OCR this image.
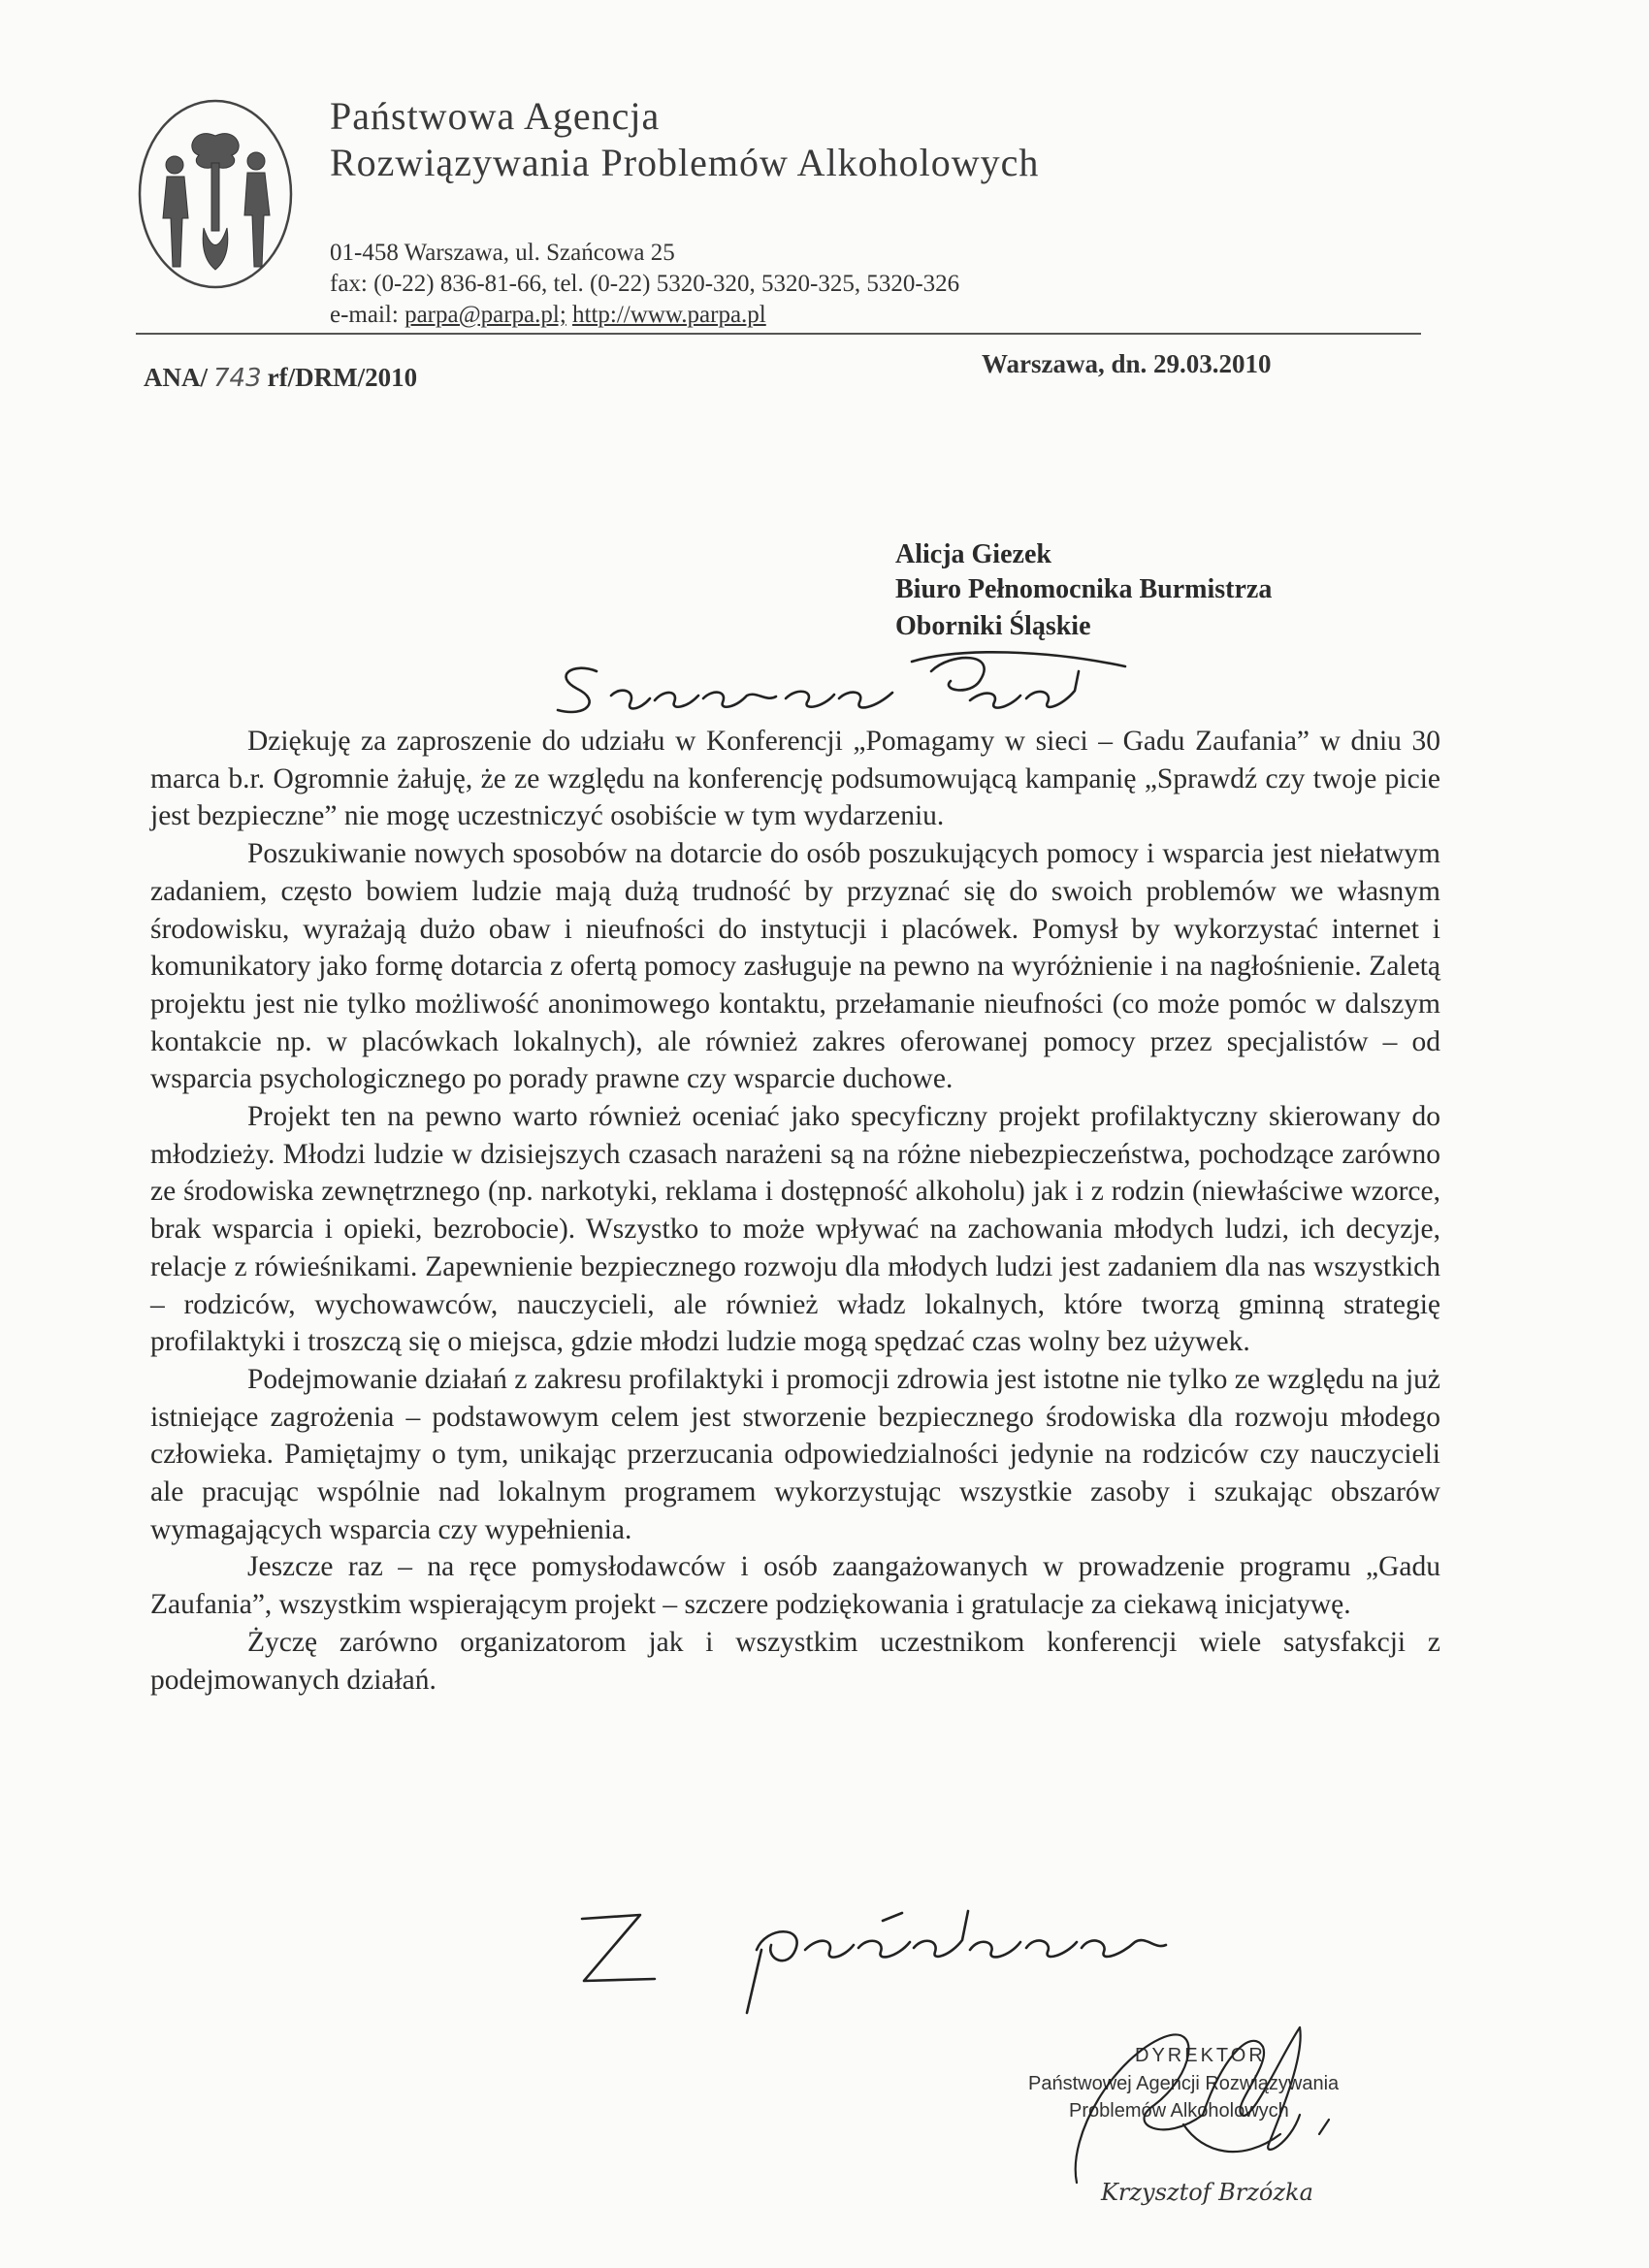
Państwowa Agencja
Rozwiązywania Problemów Alkoholowych
01-458 Warszawa, ul. Szańcowa 25
fax: (0-22) 836-81-66, tel. (0-22) 5320-320, 5320-325, 5320-326
e-mail: parpa@parpa.pl; http://www.parpa.pl
ANA/ 743 rf/DRM/2010	Warszawa, dn. 29.03.2010
Alicja Giezek
Biuro Pełnomocnika Burmistrza
Oborniki Śląskie

Dziękuję za zaproszenie do udziału w Konferencji „Pomagamy w sieci – Gadu Zaufania” w dniu 30 marca b.r. Ogromnie żałuję, że ze względu na konferencję podsumowującą kampanię „Sprawdź czy twoje picie jest bezpieczne” nie mogę uczestniczyć osobiście w tym wydarzeniu.

Poszukiwanie nowych sposobów na dotarcie do osób poszukujących pomocy i wsparcia jest niełatwym zadaniem, często bowiem ludzie mają dużą trudność by przyznać się do swoich problemów we własnym środowisku, wyrażają dużo obaw i nieufności do instytucji i placówek. Pomysł by wykorzystać internet i komunikatory jako formę dotarcia z ofertą pomocy zasługuje na pewno na wyróżnienie i na nagłośnienie. Zaletą projektu jest nie tylko możliwość anonimowego kontaktu, przełamanie nieufności (co może pomóc w dalszym kontakcie np. w placówkach lokalnych), ale również zakres oferowanej pomocy przez specjalistów – od wsparcia psychologicznego po porady prawne czy wsparcie duchowe.

Projekt ten na pewno warto również oceniać jako specyficzny projekt profilaktyczny skierowany do młodzieży. Młodzi ludzie w dzisiejszych czasach narażeni są na różne niebezpieczeństwa, pochodzące zarówno ze środowiska zewnętrznego (np. narkotyki, reklama i dostępność alkoholu) jak i z rodzin (niewłaściwe wzorce, brak wsparcia i opieki, bezrobocie). Wszystko to może wpływać na zachowania młodych ludzi, ich decyzje, relacje z rówieśnikami. Zapewnienie bezpiecznego rozwoju dla młodych ludzi jest zadaniem dla nas wszystkich – rodziców, wychowawców, nauczycieli, ale również władz lokalnych, które tworzą gminną strategię profilaktyki i troszczą się o miejsca, gdzie młodzi ludzie mogą spędzać czas wolny bez używek.

Podejmowanie działań z zakresu profilaktyki i promocji zdrowia jest istotne nie tylko ze względu na już istniejące zagrożenia – podstawowym celem jest stworzenie bezpiecznego środowiska dla rozwoju młodego człowieka. Pamiętajmy o tym, unikając przerzucania odpowiedzialności jedynie na rodziców czy nauczycieli ale pracując wspólnie nad lokalnym programem wykorzystując wszystkie zasoby i szukając obszarów wymagających wsparcia czy wypełnienia.

Jeszcze raz – na ręce pomysłodawców i osób zaangażowanych w prowadzenie programu „Gadu Zaufania”, wszystkim wspierającym projekt – szczere podziękowania i gratulacje za ciekawą inicjatywę.

Życzę zarówno organizatorom jak i wszystkim uczestnikom konferencji wiele satysfakcji z podejmowanych działań.

DYREKTOR
Państwowej Agencji Rozwiązywania
Problemów Alkoholowych
Krzysztof Brzózka
